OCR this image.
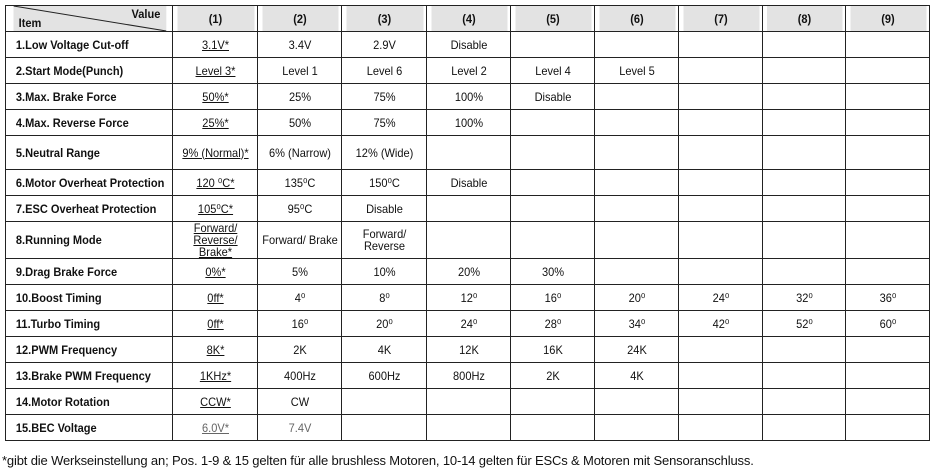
Value
Item	(1)	(2)	(3)	(4)	(5)	(6)	(7)	(8)	(9)
1.Low Voltage Cut-off	3.1V*	3.4V	2.9V	Disable					
2.Start Mode(Punch)	Level 3*	Level 1	Level 6	Level 2	Level 4	Level 5			
3.Max. Brake Force	50%*	25%	75%	100%	Disable				
4.Max. Reverse Force	25%*	50%	75%	100%					
5.Neutral Range	9% (Normal)*	6% (Narrow)	12% (Wide)						
6.Motor Overheat Protection	120 ⁰C*	135⁰C	150⁰C	Disable					
7.ESC Overheat Protection	105⁰C*	95⁰C	Disable						
8.Running Mode	Forward/ Reverse/ Brake*	Forward/ Brake	Forward/ Reverse						
9.Drag Brake Force	0%*	5%	10%	20%	30%				
10.Boost Timing	0ff*	4⁰	8⁰	12⁰	16⁰	20⁰	24⁰	32⁰	36⁰
11.Turbo Timing	0ff*	16⁰	20⁰	24⁰	28⁰	34⁰	42⁰	52⁰	60⁰
12.PWM Frequency	8K*	2K	4K	12K	16K	24K			
13.Brake PWM Frequency	1KHz*	400Hz	600Hz	800Hz	2K	4K			
14.Motor Rotation	CCW*	CW							
15.BEC Voltage	6.0V*	7.4V							
*gibt die Werkseinstellung an; Pos. 1-9 & 15 gelten für alle brushless Motoren, 10-14 gelten für ESCs & Motoren mit Sensoranschluss.
